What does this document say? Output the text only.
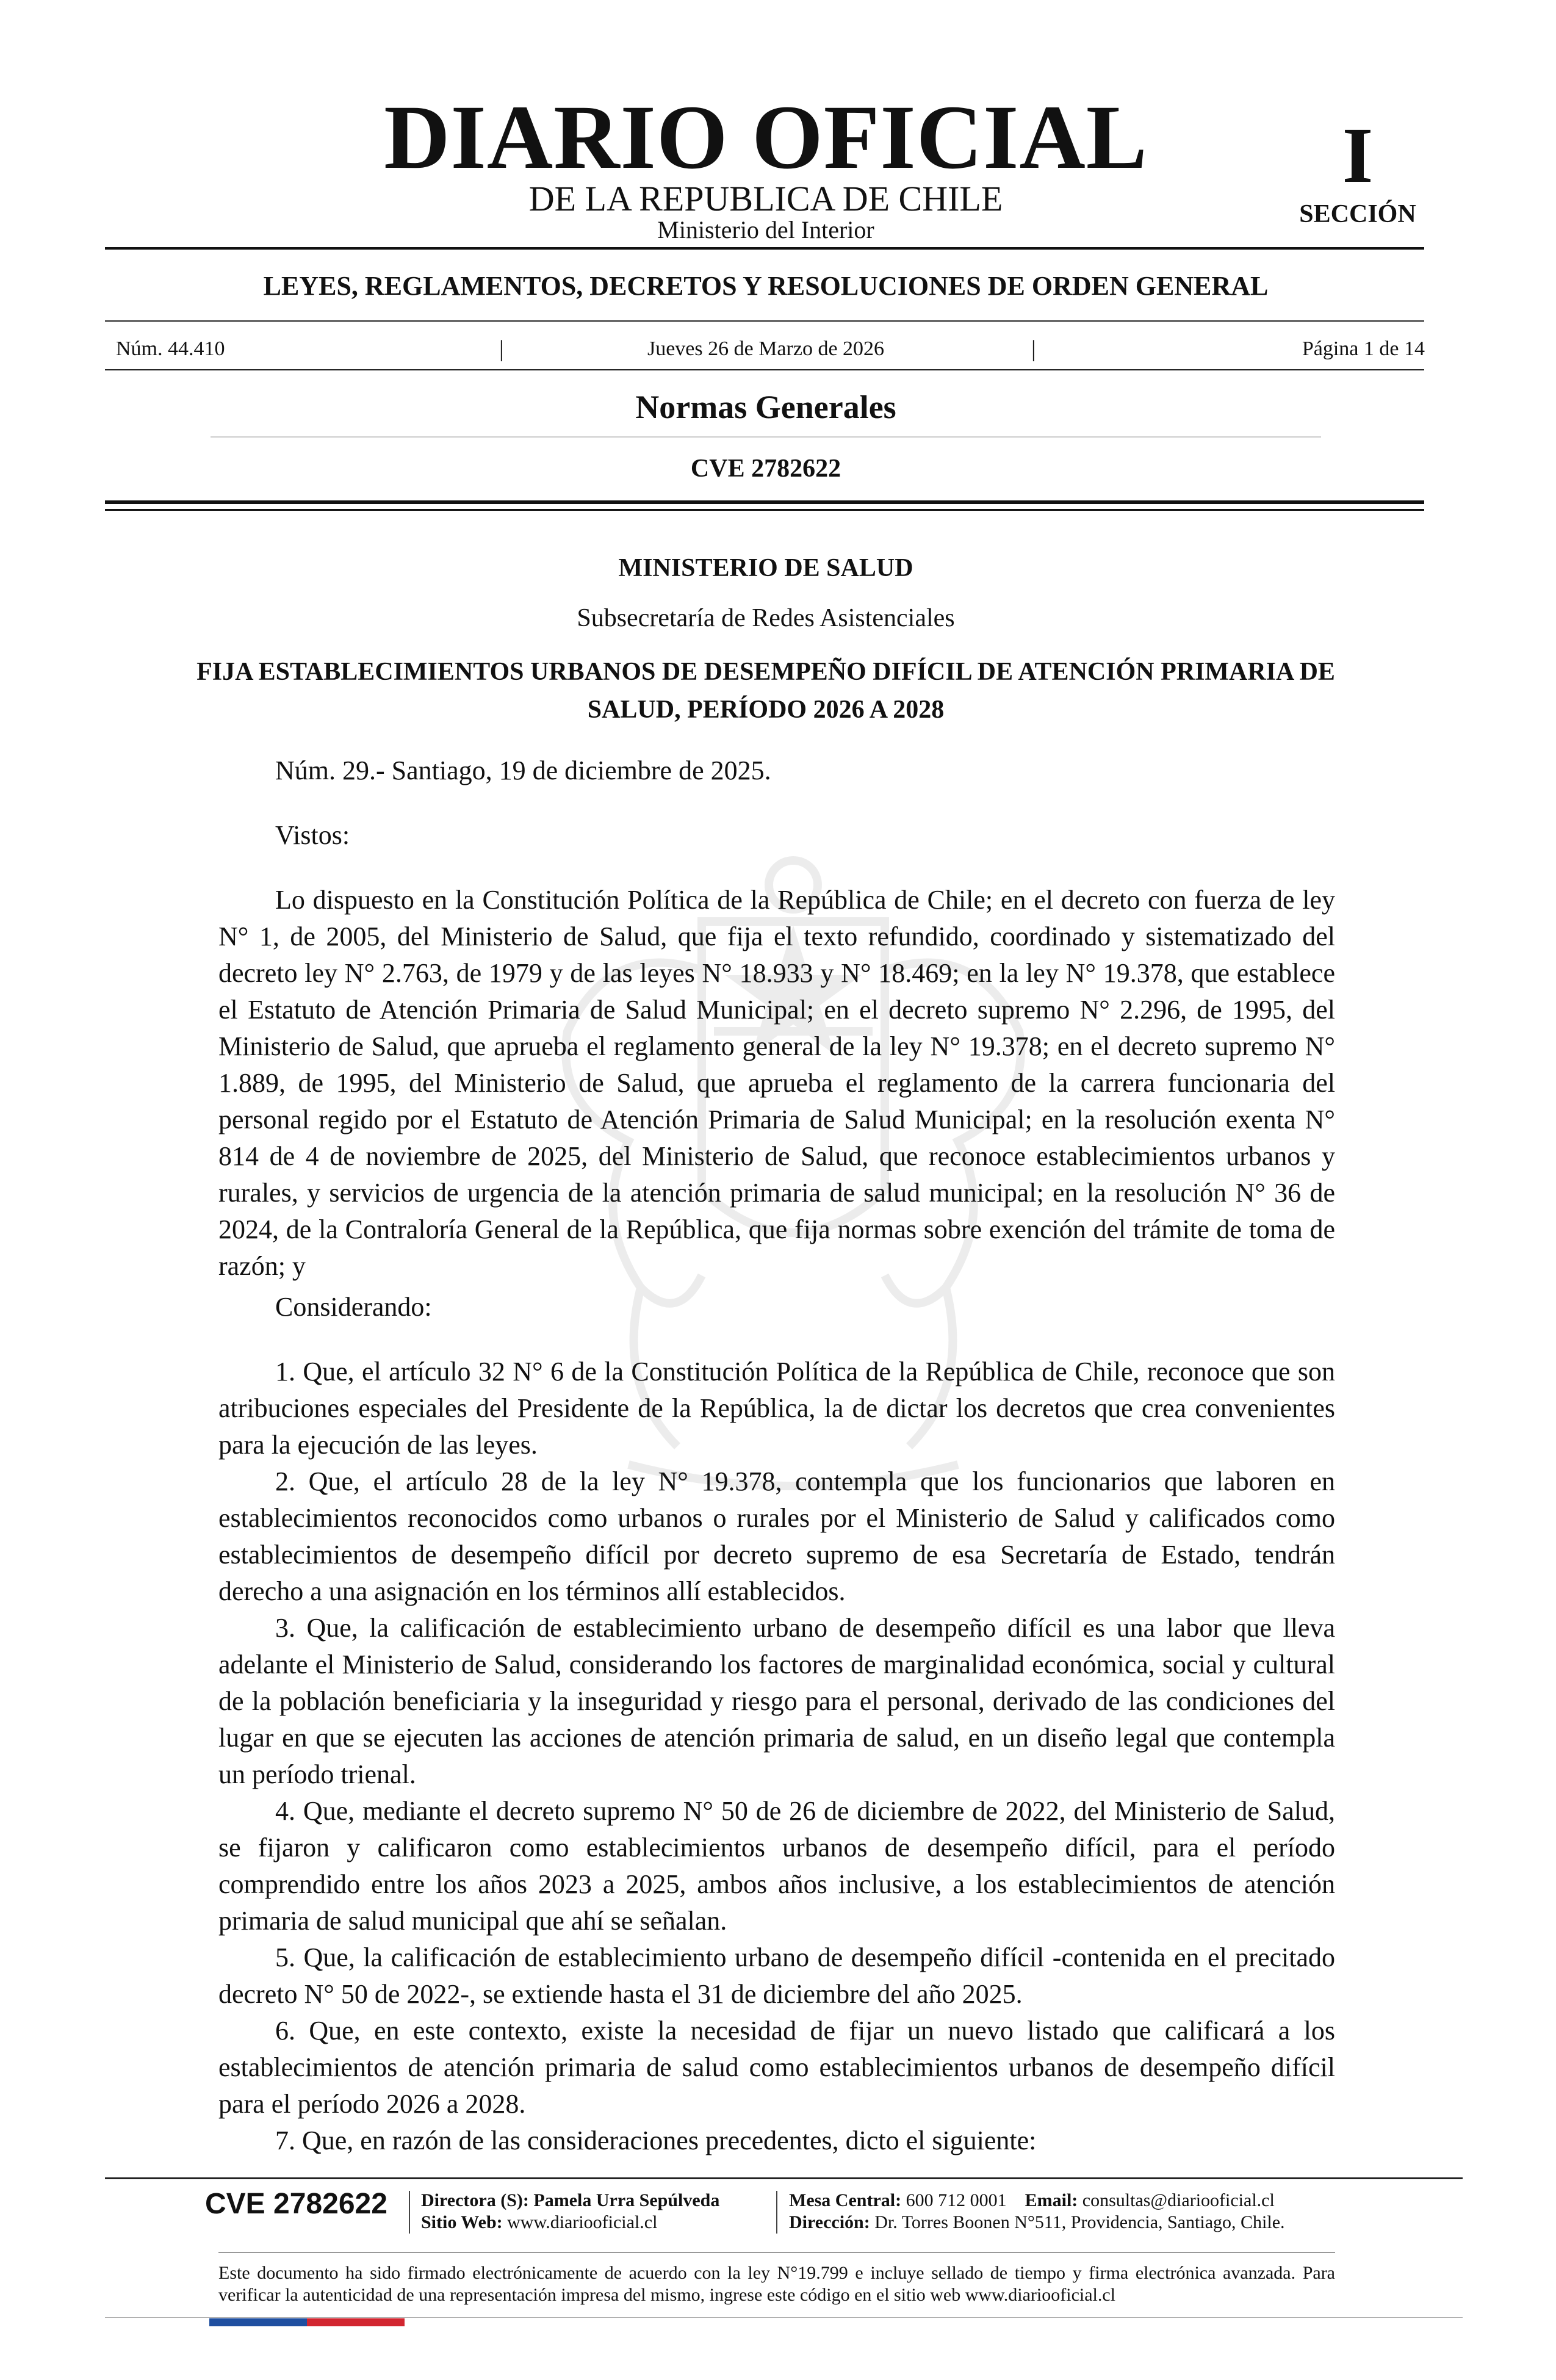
DIARIO OFICIAL
DE LA REPUBLICA DE CHILE
Ministerio del Interior
I
SECCIÓN
LEYES, REGLAMENTOS, DECRETOS Y RESOLUCIONES DE ORDEN GENERAL
Núm. 44.410	|	Jueves 26 de Marzo de 2026	|	Página 1 de 14
Normas Generales
CVE 2782622
MINISTERIO DE SALUD
Subsecretaría de Redes Asistenciales
FIJA ESTABLECIMIENTOS URBANOS DE DESEMPEÑO DIFÍCIL DE ATENCIÓN PRIMARIA DE SALUD, PERÍODO 2026 A 2028
Núm. 29.- Santiago, 19 de diciembre de 2025.
Vistos:
Lo dispuesto en la Constitución Política de la República de Chile; en el decreto con fuerza de ley N° 1, de 2005, del Ministerio de Salud, que fija el texto refundido, coordinado y sistematizado del decreto ley N° 2.763, de 1979 y de las leyes N° 18.933 y N° 18.469; en la ley N° 19.378, que establece el Estatuto de Atención Primaria de Salud Municipal; en el decreto supremo N° 2.296, de 1995, del Ministerio de Salud, que aprueba el reglamento general de la ley N° 19.378; en el decreto supremo N° 1.889, de 1995, del Ministerio de Salud, que aprueba el reglamento de la carrera funcionaria del personal regido por el Estatuto de Atención Primaria de Salud Municipal; en la resolución exenta N° 814 de 4 de noviembre de 2025, del Ministerio de Salud, que reconoce establecimientos urbanos y rurales, y servicios de urgencia de la atención primaria de salud municipal; en la resolución N° 36 de 2024, de la Contraloría General de la República, que fija normas sobre exención del trámite de toma de razón; y
Considerando:

1. Que, el artículo 32 N° 6 de la Constitución Política de la República de Chile, reconoce que son atribuciones especiales del Presidente de la República, la de dictar los decretos que crea convenientes para la ejecución de las leyes.

2. Que, el artículo 28 de la ley N° 19.378, contempla que los funcionarios que laboren en establecimientos reconocidos como urbanos o rurales por el Ministerio de Salud y calificados como establecimientos de desempeño difícil por decreto supremo de esa Secretaría de Estado, tendrán derecho a una asignación en los términos allí establecidos.

3. Que, la calificación de establecimiento urbano de desempeño difícil es una labor que lleva adelante el Ministerio de Salud, considerando los factores de marginalidad económica, social y cultural de la población beneficiaria y la inseguridad y riesgo para el personal, derivado de las condiciones del lugar en que se ejecuten las acciones de atención primaria de salud, en un diseño legal que contempla un período trienal.

4. Que, mediante el decreto supremo N° 50 de 26 de diciembre de 2022, del Ministerio de Salud, se fijaron y calificaron como establecimientos urbanos de desempeño difícil, para el período comprendido entre los años 2023 a 2025, ambos años inclusive, a los establecimientos de atención primaria de salud municipal que ahí se señalan.

5. Que, la calificación de establecimiento urbano de desempeño difícil -contenida en el precitado decreto N° 50 de 2022-, se extiende hasta el 31 de diciembre del año 2025.

6. Que, en este contexto, existe la necesidad de fijar un nuevo listado que calificará a los establecimientos de atención primaria de salud como establecimientos urbanos de desempeño difícil para el período 2026 a 2028.

7. Que, en razón de las consideraciones precedentes, dicto el siguiente:

CVE 2782622 Directora (S): Pamela Urra Sepúlveda
Sitio Web: www.diariooficial.cl
Mesa Central: 600 712 0001 Email: consultas@diariooficial.cl
Dirección: Dr. Torres Boonen N°511, Providencia, Santiago, Chile.
Este documento ha sido firmado electrónicamente de acuerdo con la ley N°19.799 e incluye sellado de tiempo y firma electrónica avanzada. Para verificar la autenticidad de una representación impresa del mismo, ingrese este código en el sitio web www.diariooficial.cl
